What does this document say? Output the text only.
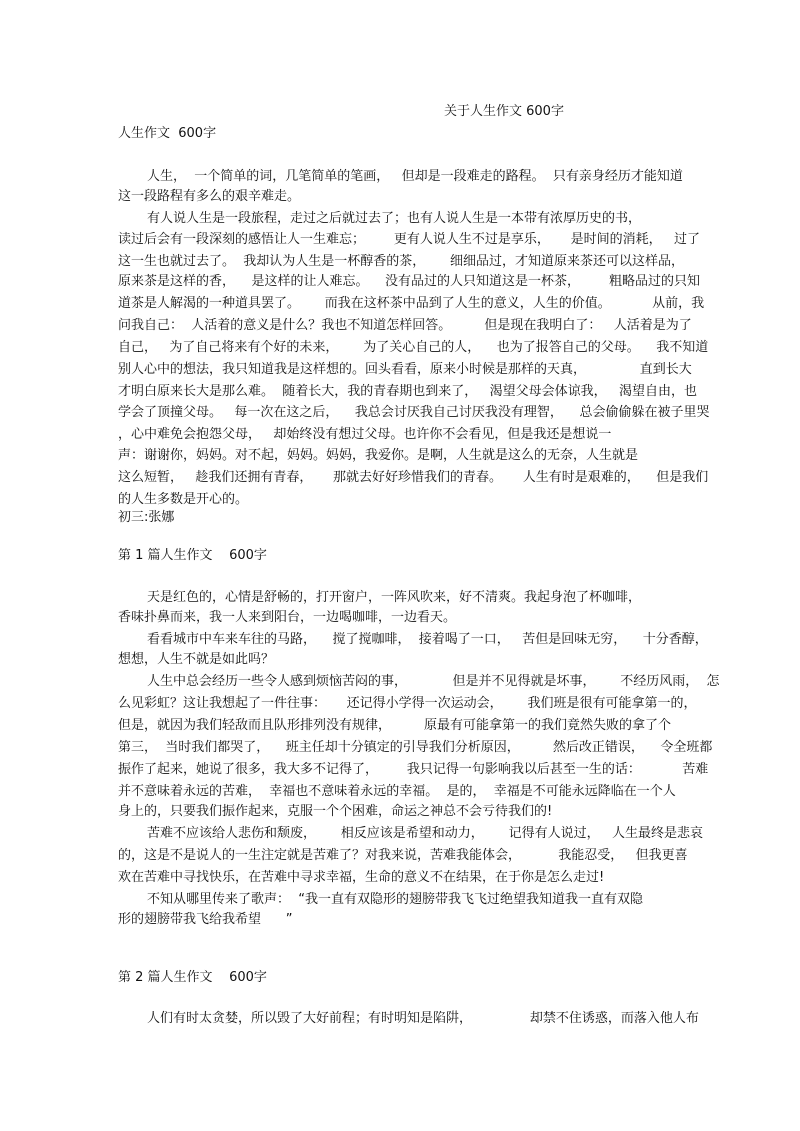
关于人生作文 600字
人生作文  600字
人生，  一个简单的词，几笔简单的笔画，   但却是一段难走的路程。  只有亲身经历才能知道
这一段路程有多么的艰辛难走。
有人说人生是一段旅程，走过之后就过去了；也有人说人生是一本带有浓厚历史的书，
读过后会有一段深刻的感悟让人一生难忘；       更有人说人生不过是享乐，     是时间的消耗，   过了
这一生也就过去了。  我却认为人生是一杯醇香的茶，      细细品过，才知道原来茶还可以这样品，
原来茶是这样的香，    是这样的让人难忘。    没有品过的人只知道这是一杯茶，       粗略品过的只知
道茶是人解渴的一种道具罢了。      而我在这杯茶中品到了人生的意义，人生的价值。          从前，我
问我自己：  人活着的意义是什么？我也不知道怎样回答。        但是现在我明白了：   人活着是为了
自己，   为了自己将来有个好的未来，      为了关心自己的人，    也为了报答自己的父母。    我不知道
别人心中的想法，我只知道我是这样想的。回头看看，原来小时候是那样的天真，             直到长大
才明白原来长大是那么难。  随着长大，我的青春期也到来了，   渴望父母会体谅我，   渴望自由，也
学会了顶撞父母。   每一次在这之后，    我总会讨厌我自己讨厌我没有理智，    总会偷偷躲在被子里哭
，心中难免会抱怨父母，   却始终没有想过父母。也许你不会看见，但是我还是想说一
声：谢谢你，妈妈。对不起，妈妈。妈妈，我爱你。是啊，人生就是这么的无奈，人生就是
这么短暂，   趁我们还拥有青春，     那就去好好珍惜我们的青春。     人生有时是艰难的，    但是我们
的人生多数是开心的。
初三:张娜
第 1 篇人生作文    600字
天是红色的，心情是舒畅的，打开窗户，一阵风吹来，好不清爽。我起身泡了杯咖啡，
香味扑鼻而来，我一人来到阳台，一边喝咖啡，一边看天。
看看城市中车来车往的马路，    搅了搅咖啡，  接着喝了一口，   苦但是回味无穷，    十分香醇，
想想，人生不就是如此吗？
人生中总会经历一些令人感到烦恼苦闷的事，           但是并不见得就是坏事，      不经历风雨，  怎
么见彩虹？这让我想起了一件往事：     还记得小学得一次运动会，      我们班是很有可能拿第一的，
但是，就因为我们轻敌而且队形排列没有规律，        原最有可能拿第一的我们竟然失败的拿了个
第三，  当时我们都哭了，    班主任却十分镇定的引导我们分析原因，        然后改正错误，    令全班都
振作了起来，她说了很多，我大多不记得了，       我只记得一句影响我以后甚至一生的话：          苦难
并不意味着永远的苦难，  幸福也不意味着永远的幸福。  是的，  幸福是不可能永远降临在一个人
身上的，只要我们振作起来，克服一个个困难，命运之神总不会亏待我们的!
苦难不应该给人悲伤和颓废，      相反应该是希望和动力，      记得有人说过，   人生最终是悲哀
的，这是不是说人的一生注定就是苦难了？对我来说，苦难我能体会，         我能忍受，   但我更喜
欢在苦难中寻找快乐，在苦难中寻求幸福，生命的意义不在结果，在于你是怎么走过!
不知从哪里传来了歌声：  “我一直有双隐形的翅膀带我飞飞过绝望我知道我一直有双隐
形的翅膀带我飞给我希望      ”
第 2 篇人生作文    600字
人们有时太贪婪，所以毁了大好前程；有时明知是陷阱，              却禁不住诱惑，而落入他人布
